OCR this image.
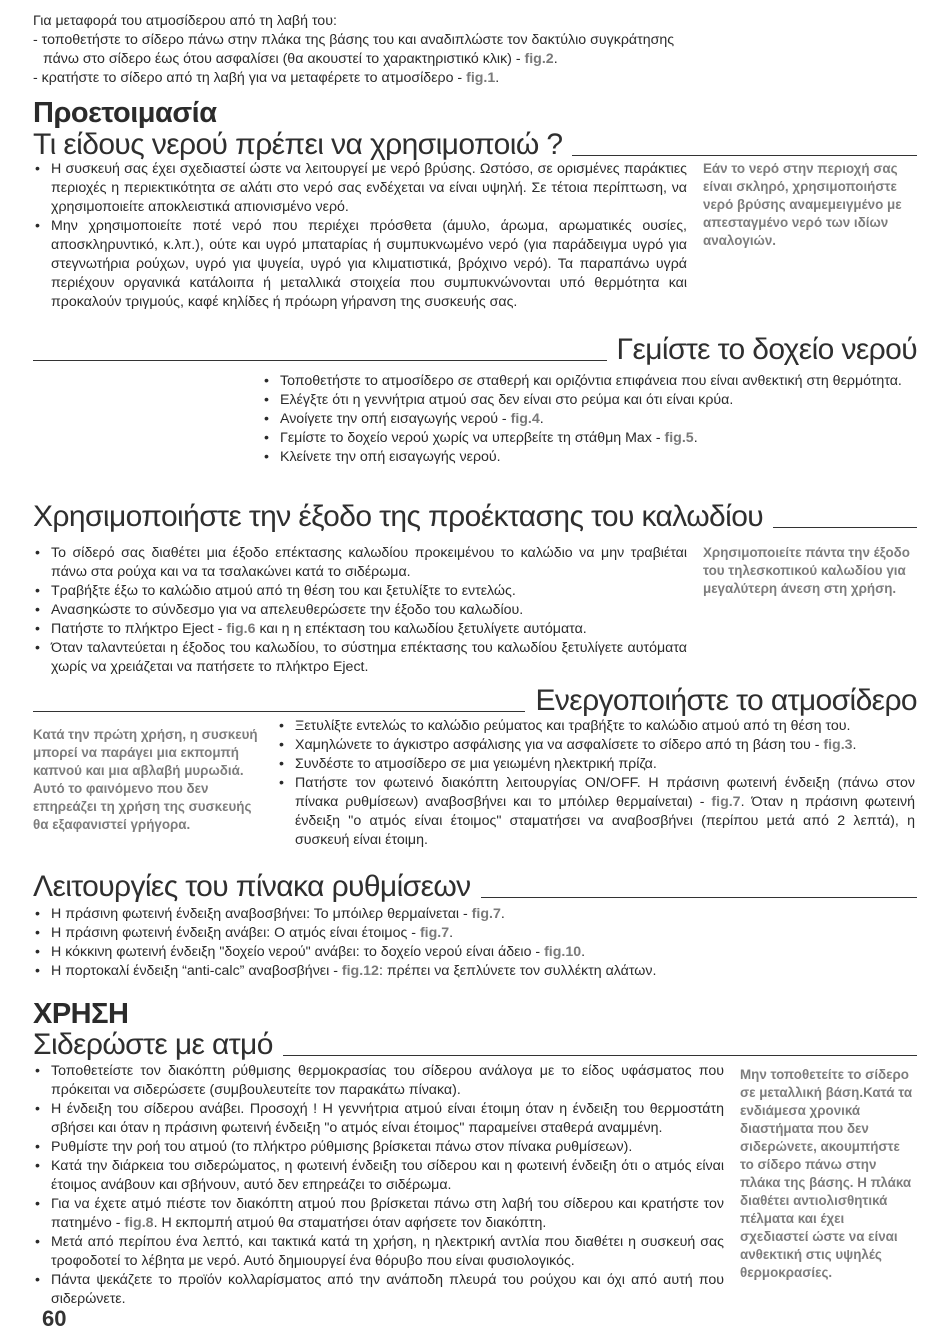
Για μεταφορά του ατμοσίδερου από τη λαβή του:

- τοποθετήστε το σίδερο πάνω στην πλάκα της βάσης του και αναδιπλώστε τον δακτύλιο συγκράτησης

πάνω στο σίδερο έως ότου ασφαλίσει (θα ακουστεί το χαρακτηριστικό κλικ) - fig.2.

- κρατήστε το σίδερο από τη λαβή για να μεταφέρετε το ατμοσίδερο - fig.1.

Προετοιμασία
Τι είδους νερού πρέπει να χρησιμοποιώ ?
• Η συσκευή σας έχει σχεδιαστεί ώστε να λειτουργεί με νερό βρύσης. Ωστόσο, σε ορισμένες παράκτιες περιοχές η περιεκτικότητα σε αλάτι στο νερό σας ενδέχεται να είναι υψηλή. Σε τέτοια περίπτωση, να χρησιμοποιείτε αποκλειστικά απιονισμένο νερό.
• Μην χρησιμοποιείτε ποτέ νερό που περιέχει πρόσθετα (άμυλο, άρωμα, αρωματικές ουσίες, αποσκληρυντικό, κ.λπ.), ούτε και υγρό μπαταρίας ή συμπυκνωμένο νερό (για παράδειγμα υγρό για στεγνωτήρια ρούχων, υγρό για ψυγεία, υγρό για κλιματιστικά, βρόχινο νερό). Τα παραπάνω υγρά περιέχουν οργανικά κατάλοιπα ή μεταλλικά στοιχεία που συμπυκνώνονται υπό θερμότητα και προκαλούν τριγμούς, καφέ κηλίδες ή πρόωρη γήρανση της συσκευής σας.
Εάν το νερό στην περιοχή σας είναι σκληρό, χρησιμοποιήστε νερό βρύσης αναμεμειγμένο με απεσταγμένο νερό των ιδίων αναλογιών.
Γεμίστε το δοχείο νερού
• Τοποθετήστε το ατμοσίδερο σε σταθερή και οριζόντια επιφάνεια που είναι ανθεκτική στη θερμότητα.
• Ελέγξτε ότι η γεννήτρια ατμού σας δεν είναι στο ρεύμα και ότι είναι κρύα.
• Ανοίγετε την οπή εισαγωγής νερού - fig.4.
• Γεμίστε το δοχείο νερού χωρίς να υπερβείτε τη στάθμη Max - fig.5.
• Κλείνετε την οπή εισαγωγής νερού.
Χρησιμοποιήστε την έξοδο της προέκτασης του καλωδίου
• Το σίδερό σας διαθέτει μια έξοδο επέκτασης καλωδίου προκειμένου το καλώδιο να μην τραβιέται πάνω στα ρούχα και να τα τσαλακώνει κατά το σιδέρωμα.
• Τραβήξτε έξω το καλώδιο ατμού από τη θέση του και ξετυλίξτε το εντελώς.
• Ανασηκώστε το σύνδεσμο για να απελευθερώσετε την έξοδο του καλωδίου.
• Πατήστε το πλήκτρο Eject - fig.6 και η η επέκταση του καλωδίου ξετυλίγετε αυτόματα.
• Όταν ταλαντεύεται η έξοδος του καλωδίου, το σύστημα επέκτασης του καλωδίου ξετυλίγετε αυτόματα χωρίς να χρειάζεται να πατήσετε το πλήκτρο Eject.
Χρησιμοποιείτε πάντα την έξοδο του τηλεσκοπικού καλωδίου για μεγαλύτερη άνεση στη χρήση.
Ενεργοποιήστε το ατμοσίδερο
Κατά την πρώτη χρήση, η συσκευή μπορεί να παράγει μια εκπομπή καπνού και μια αβλαβή μυρωδιά. Αυτό το φαινόμενο που δεν επηρεάζει τη χρήση της συσκευής θα εξαφανιστεί γρήγορα.
• Ξετυλίξτε εντελώς το καλώδιο ρεύματος και τραβήξτε το καλώδιο ατμού από τη θέση του.
• Χαμηλώνετε το άγκιστρο ασφάλισης για να ασφαλίσετε το σίδερο από τη βάση του - fig.3.
• Συνδέστε το ατμοσίδερο σε μια γειωμένη ηλεκτρική πρίζα.
• Πατήστε τον φωτεινό διακόπτη λειτουργίας ON/OFF. Η πράσινη φωτεινή ένδειξη (πάνω στον πίνακα ρυθμίσεων) αναβοσβήνει και το μπόιλερ θερμαίνεται) - fig.7. Όταν η πράσινη φωτεινή ένδειξη "ο ατμός είναι έτοιμος" σταματήσει να αναβοσβήνει (περίπου μετά από 2 λεπτά), η συσκευή είναι έτοιμη.
Λειτουργίες του πίνακα ρυθμίσεων
• Η πράσινη φωτεινή ένδειξη αναβοσβήνει: Το μπόιλερ θερμαίνεται - fig.7.
• Η πράσινη φωτεινή ένδειξη ανάβει: Ο ατμός είναι έτοιμος - fig.7.
• Η κόκκινη φωτεινή ένδειξη "δοχείο νερού" ανάβει: το δοχείο νερού είναι άδειο - fig.10.
• Η πορτοκαλί ένδειξη “anti-calc” αναβοσβήνει - fig.12: πρέπει να ξεπλύνετε τον συλλέκτη αλάτων.
ΧΡΗΣΗ
Σιδερώστε με ατμό
• Τοποθετείστε τον διακόπτη ρύθμισης θερμοκρασίας του σίδερου ανάλογα με το είδος υφάσματος που πρόκειται να σιδερώσετε (συμβουλευτείτε τον παρακάτω πίνακα).
• Η ένδειξη του σίδερου ανάβει. Προσοχή ! Η γεννήτρια ατμού είναι έτοιμη όταν η ένδειξη του θερμοστάτη σβήσει και όταν η πράσινη φωτεινή ένδειξη "ο ατμός είναι έτοιμος" παραμείνει σταθερά αναμμένη.
• Ρυθμίστε την ροή του ατμού (το πλήκτρο ρύθμισης βρίσκεται πάνω στον πίνακα ρυθμίσεων).
• Κατά την διάρκεια του σιδερώματος, η φωτεινή ένδειξη του σίδερου και η φωτεινή ένδειξη ότι ο ατμός είναι έτοιμος ανάβουν και σβήνουν, αυτό δεν επηρεάζει το σιδέρωμα.
• Για να έχετε ατμό πιέστε τον διακόπτη ατμού που βρίσκεται πάνω στη λαβή του σίδερου και κρατήστε τον πατημένο - fig.8. Η εκπομπή ατμού θα σταματήσει όταν αφήσετε τον διακόπτη.
• Μετά από περίπου ένα λεπτό, και τακτικά κατά τη χρήση, η ηλεκτρική αντλία που διαθέτει η συσκευή σας τροφοδοτεί το λέβητα με νερό. Αυτό δημιουργεί ένα θόρυβο που είναι φυσιολογικός.
• Πάντα ψεκάζετε το προϊόν κολλαρίσματος από την ανάποδη πλευρά του ρούχου και όχι από αυτή που σιδερώνετε.
Μην τοποθετείτε το σίδερο σε μεταλλική βάση.Κατά τα ενδιάμεσα χρονικά διαστήματα που δεν σιδερώνετε, ακουμπήστε το σίδερο πάνω στην πλάκα της βάσης. Η πλάκα διαθέτει αντιολισθητικά πέλματα και έχει σχεδιαστεί ώστε να είναι ανθεκτική στις υψηλές θερμοκρασίες.
60
